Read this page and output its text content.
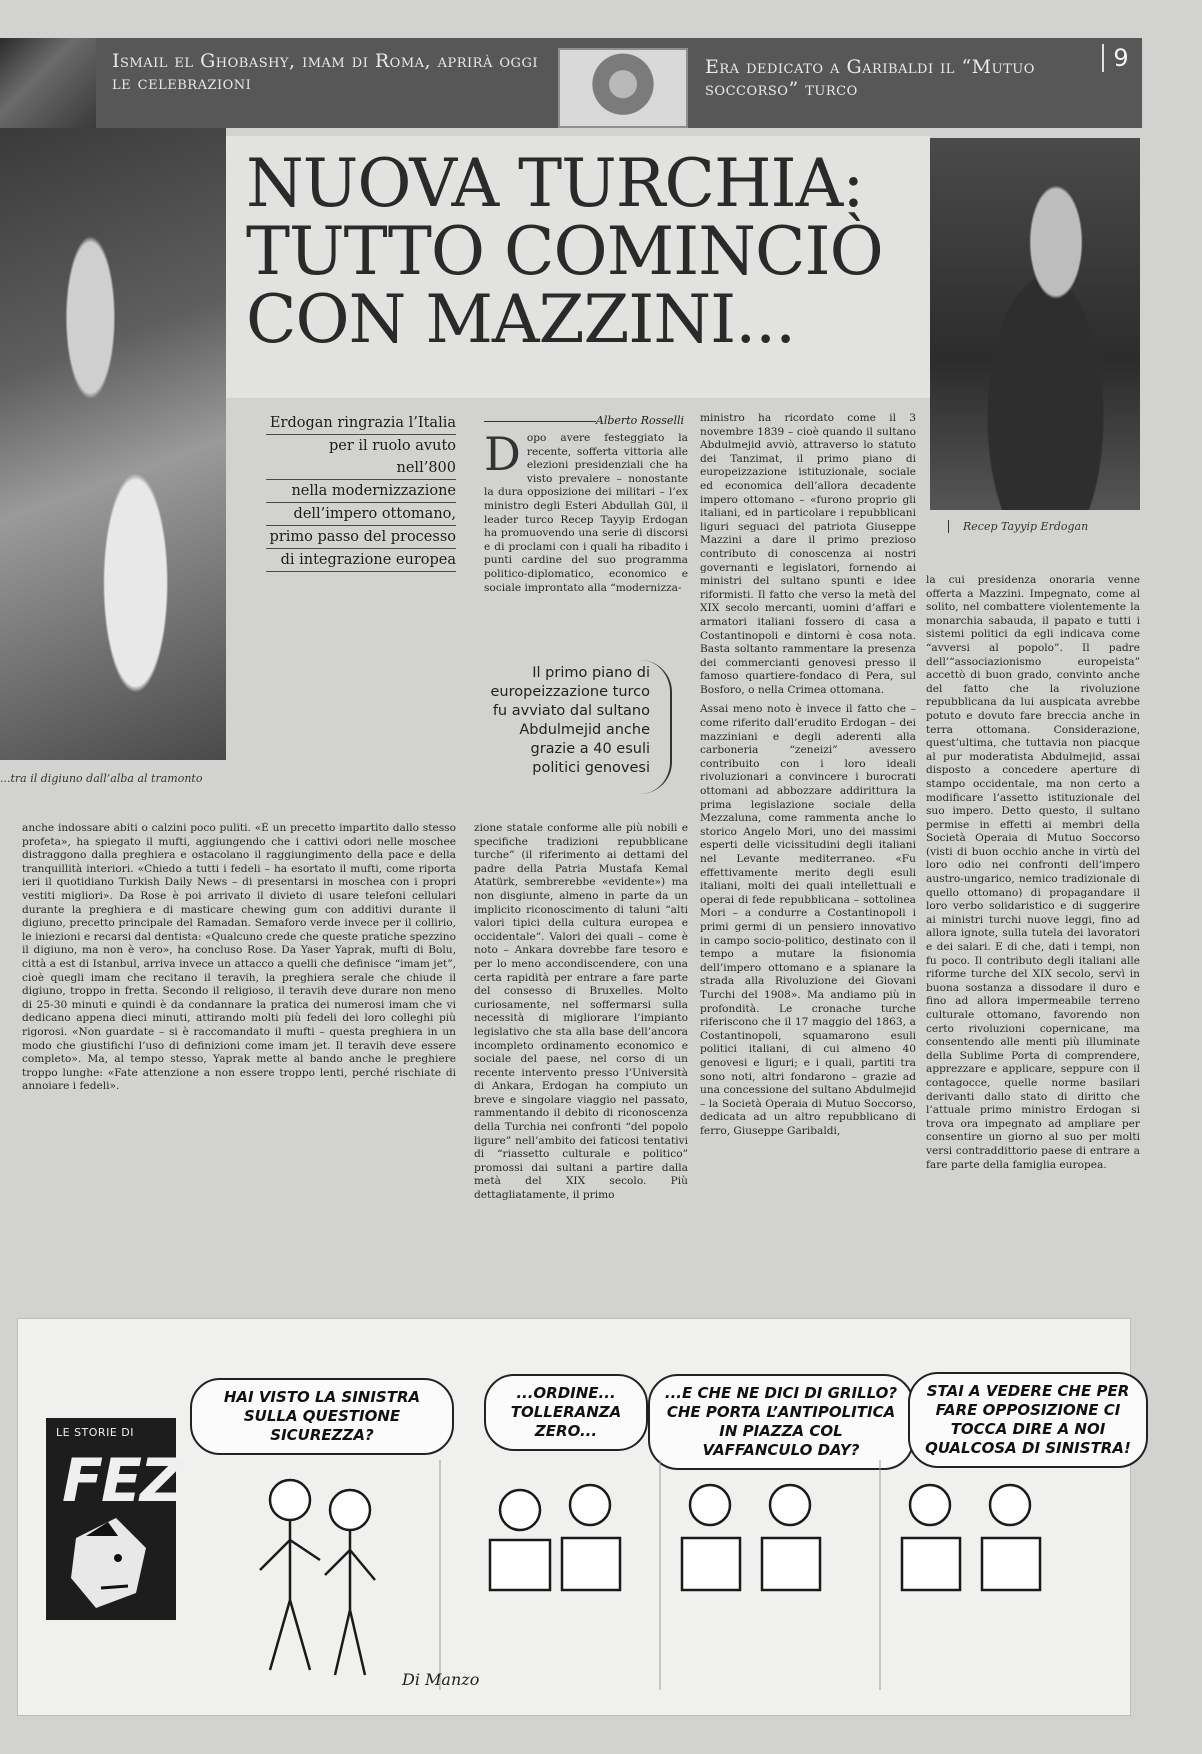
Ismail el Ghobashy, imam di Roma, aprirà oggi le celebrazioni
Era dedicato a Garibaldi il “Mutuo soccorso” turco
9
...tra il digiuno dall’alba al tramonto
NUOVA TURCHIA:
TUTTO COMINCIÒ
CON MAZZINI...
Recep Tayyip Erdogan
Erdogan ringrazia l’Italia
per il ruolo avuto nell’800
nella modernizzazione
dell’impero ottomano,
primo passo del processo
di integrazione europea
Alberto Rosselli
D opo avere festeggiato la recente, sofferta vittoria alle elezioni presidenziali che ha visto prevalere – nonostante la dura opposizione dei militari – l’ex ministro degli Esteri Abdullah Gül, il leader turco Recep Tayyip Erdogan ha promuovendo una serie di discorsi e di proclami con i quali ha ribadito i punti cardine del suo programma politico-diplomatico, economico e sociale improntato alla “modernizza-
Il primo piano di europeizzazione turco fu avviato dal sultano Abdulmejid anche grazie a 40 esuli politici genovesi

ministro ha ricordato come il 3 novembre 1839 – cioè quando il sultano Abdulmejid avviò, attraverso lo statuto dei Tanzimat, il primo piano di europeizzazione istituzionale, sociale ed economica dell’allora decadente impero ottomano – «furono proprio gli italiani, ed in particolare i repubblicani liguri seguaci del patriota Giuseppe Mazzini a dare il primo prezioso contributo di conoscenza ai nostri governanti e legislatori, fornendo ai ministri del sultano spunti e idee riformisti. Il fatto che verso la metà del XIX secolo mercanti, uomini d’affari e armatori italiani fossero di casa a Costantinopoli e dintorni è cosa nota. Basta soltanto rammentare la presenza dei commercianti genovesi presso il famoso quartiere-fondaco di Pera, sul Bosforo, o nella Crimea ottomana.

Assai meno noto è invece il fatto che – come riferito dall’erudito Erdogan – dei mazziniani e degli aderenti alla carboneria “zeneizi” avessero contribuito con i loro ideali rivoluzionari a convincere i burocrati ottomani ad abbozzare addirittura la prima legislazione sociale della Mezzaluna, come rammenta anche lo storico Angelo Mori, uno dei massimi esperti delle vicissitudini degli italiani nel Levante mediterraneo. «Fu effettivamente merito degli esuli italiani, molti dei quali intellettuali e operai di fede repubblicana – sottolinea Mori – a condurre a Costantinopoli i primi germi di un pensiero innovativo in campo socio-politico, destinato con il tempo a mutare la fisionomia dell’impero ottomano e a spianare la strada alla Rivoluzione dei Giovani Turchi del 1908». Ma andiamo più in profondità. Le cronache turche riferiscono che il 17 maggio del 1863, a Costantinopoli, squamarono esuli politici italiani, di cui almeno 40 genovesi e liguri; e i quali, partiti tra sono noti, altri fondarono – grazie ad una concessione del sultano Abdulmejid – la Società Operaia di Mutuo Soccorso, dedicata ad un altro repubblicano di ferro, Giuseppe Garibaldi,

la cui presidenza onoraria venne offerta a Mazzini. Impegnato, come al solito, nel combattere violentemente la monarchia sabauda, il papato e tutti i sistemi politici da egli indicava come “avversi al popolo”. Il padre dell’“associazionismo europeista” accettò di buon grado, convinto anche del fatto che la rivoluzione repubblicana da lui auspicata avrebbe potuto e dovuto fare breccia anche in terra ottomana. Considerazione, quest’ultima, che tuttavia non piacque al pur moderatista Abdulmejid, assai disposto a concedere aperture di stampo occidentale, ma non certo a modificare l’assetto istituzionale del suo impero. Detto questo, il sultano permise in effetti ai membri della Società Operaia di Mutuo Soccorso (visti di buon occhio anche in virtù del loro odio nei confronti dell’impero austro-ungarico, nemico tradizionale di quello ottomano) di propagandare il loro verbo solidaristico e di suggerire ai ministri turchi nuove leggi, fino ad allora ignote, sulla tutela dei lavoratori e dei salari. E di che, dati i tempi, non fu poco. Il contributo degli italiani alle riforme turche del XIX secolo, servì in buona sostanza a dissodare il duro e fino ad allora impermeabile terreno culturale ottomano, favorendo non certo rivoluzioni copernicane, ma consentendo alle menti più illuminate della Sublime Porta di comprendere, apprezzare e applicare, seppure con il contagocce, quelle norme basilari derivanti dallo stato di diritto che l’attuale primo ministro Erdogan si trova ora impegnato ad ampliare per consentire un giorno al suo per molti versi contraddittorio paese di entrare a fare parte della famiglia europea.

anche indossare abiti o calzini poco puliti. «È un precetto impartito dallo stesso profeta», ha spiegato il mufti, aggiungendo che i cattivi odori nelle moschee distraggono dalla preghiera e ostacolano il raggiungimento della pace e della tranquillità interiori. «Chiedo a tutti i fedeli – ha esortato il mufti, come riporta ieri il quotidiano Turkish Daily News – di presentarsi in moschea con i propri vestiti migliori». Da Rose è poi arrivato il divieto di usare telefoni cellulari durante la preghiera e di masticare chewing gum con additivi durante il digiuno, precetto principale del Ramadan. Semaforo verde invece per il collirio, le iniezioni e recarsi dal dentista: «Qualcuno crede che queste pratiche spezzino il digiuno, ma non è vero», ha concluso Rose. Da Yaser Yaprak, mufti di Bolu, città a est di Istanbul, arriva invece un attacco a quelli che definisce “imam jet”, cioè quegli imam che recitano il teravih, la preghiera serale che chiude il digiuno, troppo in fretta. Secondo il religioso, il teravih deve durare non meno di 25-30 minuti e quindi è da condannare la pratica dei numerosi imam che vi dedicano appena dieci minuti, attirando molti più fedeli dei loro colleghi più rigorosi. «Non guardate – si è raccomandato il mufti – questa preghiera in un modo che giustifichi l’uso di definizioni come imam jet. Il teravih deve essere completo». Ma, al tempo stesso, Yaprak mette al bando anche le preghiere troppo lunghe: «Fate attenzione a non essere troppo lenti, perché rischiate di annoiare i fedeli».

zione statale conforme alle più nobili e specifiche tradizioni repubblicane turche” (il riferimento ai dettami del padre della Patria Mustafa Kemal Atatürk, sembrerebbe «evidente») ma non disgiunte, almeno in parte da un implicito riconoscimento di taluni “alti valori tipici della cultura europea e occidentale”. Valori dei quali – come è noto – Ankara dovrebbe fare tesoro e per lo meno accondiscendere, con una certa rapidità per entrare a fare parte del consesso di Bruxelles. Molto curiosamente, nel soffermarsi sulla necessità di migliorare l’impianto legislativo che sta alla base dell’ancora incompleto ordinamento economico e sociale del paese, nel corso di un recente intervento presso l’Università di Ankara, Erdogan ha compiuto un breve e singolare viaggio nel passato, rammentando il debito di riconoscenza della Turchia nei confronti “del popolo ligure” nell’ambito dei faticosi tentativi di “riassetto culturale e politico” promossi dai sultani a partire dalla metà del XIX secolo. Più dettagliatamente, il primo

LE STORIE DI
FEZ
HAI VISTO LA SINISTRA SULLA QUESTIONE SICUREZZA?
...ORDINE... TOLLERANZA ZERO...
...E CHE NE DICI DI GRILLO? CHE PORTA L’ANTIPOLITICA IN PIAZZA COL VAFFANCULO DAY?
STAI A VEDERE CHE PER FARE OPPOSIZIONE CI TOCCA DIRE A NOI QUALCOSA DI SINISTRA!
Di Manzo
